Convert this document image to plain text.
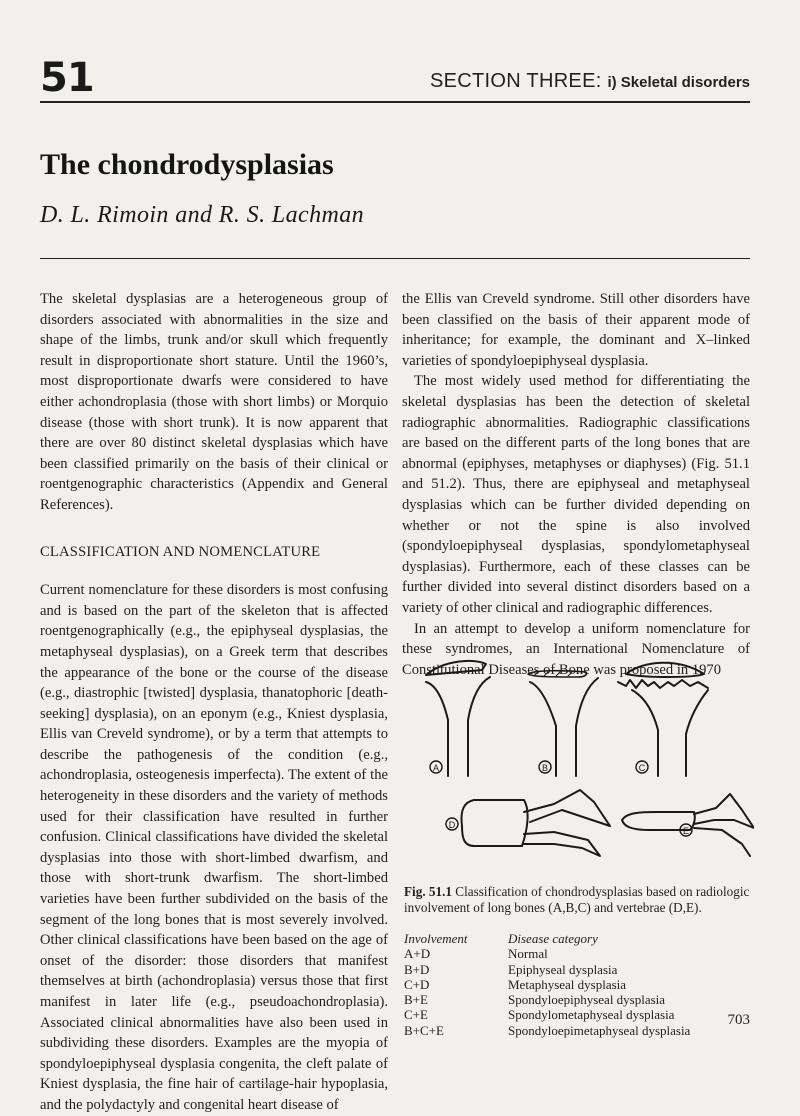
51	SECTION THREE: i) Skeletal disorders
The chondrodysplasias

D. L. Rimoin and R. S. Lachman

The skeletal dysplasias are a heterogeneous group of disorders associated with abnormalities in the size and shape of the limbs, trunk and/or skull which frequently result in disproportionate short stature. Until the 1960’s, most disproportionate dwarfs were considered to have either achondroplasia (those with short limbs) or Morquio disease (those with short trunk). It is now apparent that there are over 80 distinct skeletal dysplasias which have been classified primarily on the basis of their clinical or roentgenographic characteristics (Appendix and General References).

CLASSIFICATION AND NOMENCLATURE

Current nomenclature for these disorders is most confusing and is based on the part of the skeleton that is affected roentgenographically (e.g., the epiphyseal dysplasias, the metaphyseal dysplasias), on a Greek term that describes the appearance of the bone or the course of the disease (e.g., diastrophic [twisted] dysplasia, thanatophoric [death-seeking] dysplasia), on an eponym (e.g., Kniest dysplasia, Ellis van Creveld syndrome), or by a term that attempts to describe the pathogenesis of the condition (e.g., achondroplasia, osteogenesis imperfecta). The extent of the heterogeneity in these disorders and the variety of methods used for their classification have resulted in further confusion. Clinical classifications have divided the skeletal dysplasias into those with short-limbed dwarfism, and those with short-trunk dwarfism. The short-limbed varieties have been further subdivided on the basis of the segment of the long bones that is most severely involved. Other clinical classifications have been based on the age of onset of the disorder: those disorders that manifest themselves at birth (achondroplasia) versus those that first manifest in later life (e.g., pseudoachondroplasia). Associated clinical abnormalities have also been used in subdividing these disorders. Examples are the myopia of spondyloepiphyseal dysplasia congenita, the cleft palate of Kniest dysplasia, the fine hair of cartilage-hair hypoplasia, and the polydactyly and congenital heart disease of

the Ellis van Creveld syndrome. Still other disorders have been classified on the basis of their apparent mode of inheritance; for example, the dominant and X–linked varieties of spondyloepiphyseal dysplasia.

The most widely used method for differentiating the skeletal dysplasias has been the detection of skeletal radiographic abnormalities. Radiographic classifications are based on the different parts of the long bones that are abnormal (epiphyses, metaphyses or diaphyses) (Fig. 51.1 and 51.2). Thus, there are epiphyseal and metaphyseal dysplasias which can be further divided depending on whether or not the spine is also involved (spondyloepiphyseal dysplasias, spondylometaphyseal dysplasias). Furthermore, each of these classes can be further divided into several distinct disorders based on a variety of other clinical and radiographic differences.

In an attempt to develop a uniform nomenclature for these syndromes, an International Nomenclature of Constitutional Diseases of Bone was proposed in 1970

A	B	C
D
E

Fig. 51.1 Classification of chondrodysplasias based on radiologic involvement of long bones (A,B,C) and vertebrae (D,E).

Involvement	Disease category
A+D	Normal
B+D	Epiphyseal dysplasia
C+D	Metaphyseal dysplasia
B+E	Spondyloepiphyseal dysplasia
C+E	Spondylometaphyseal dysplasia
B+C+E	Spondyloepimetaphyseal dysplasia
703
